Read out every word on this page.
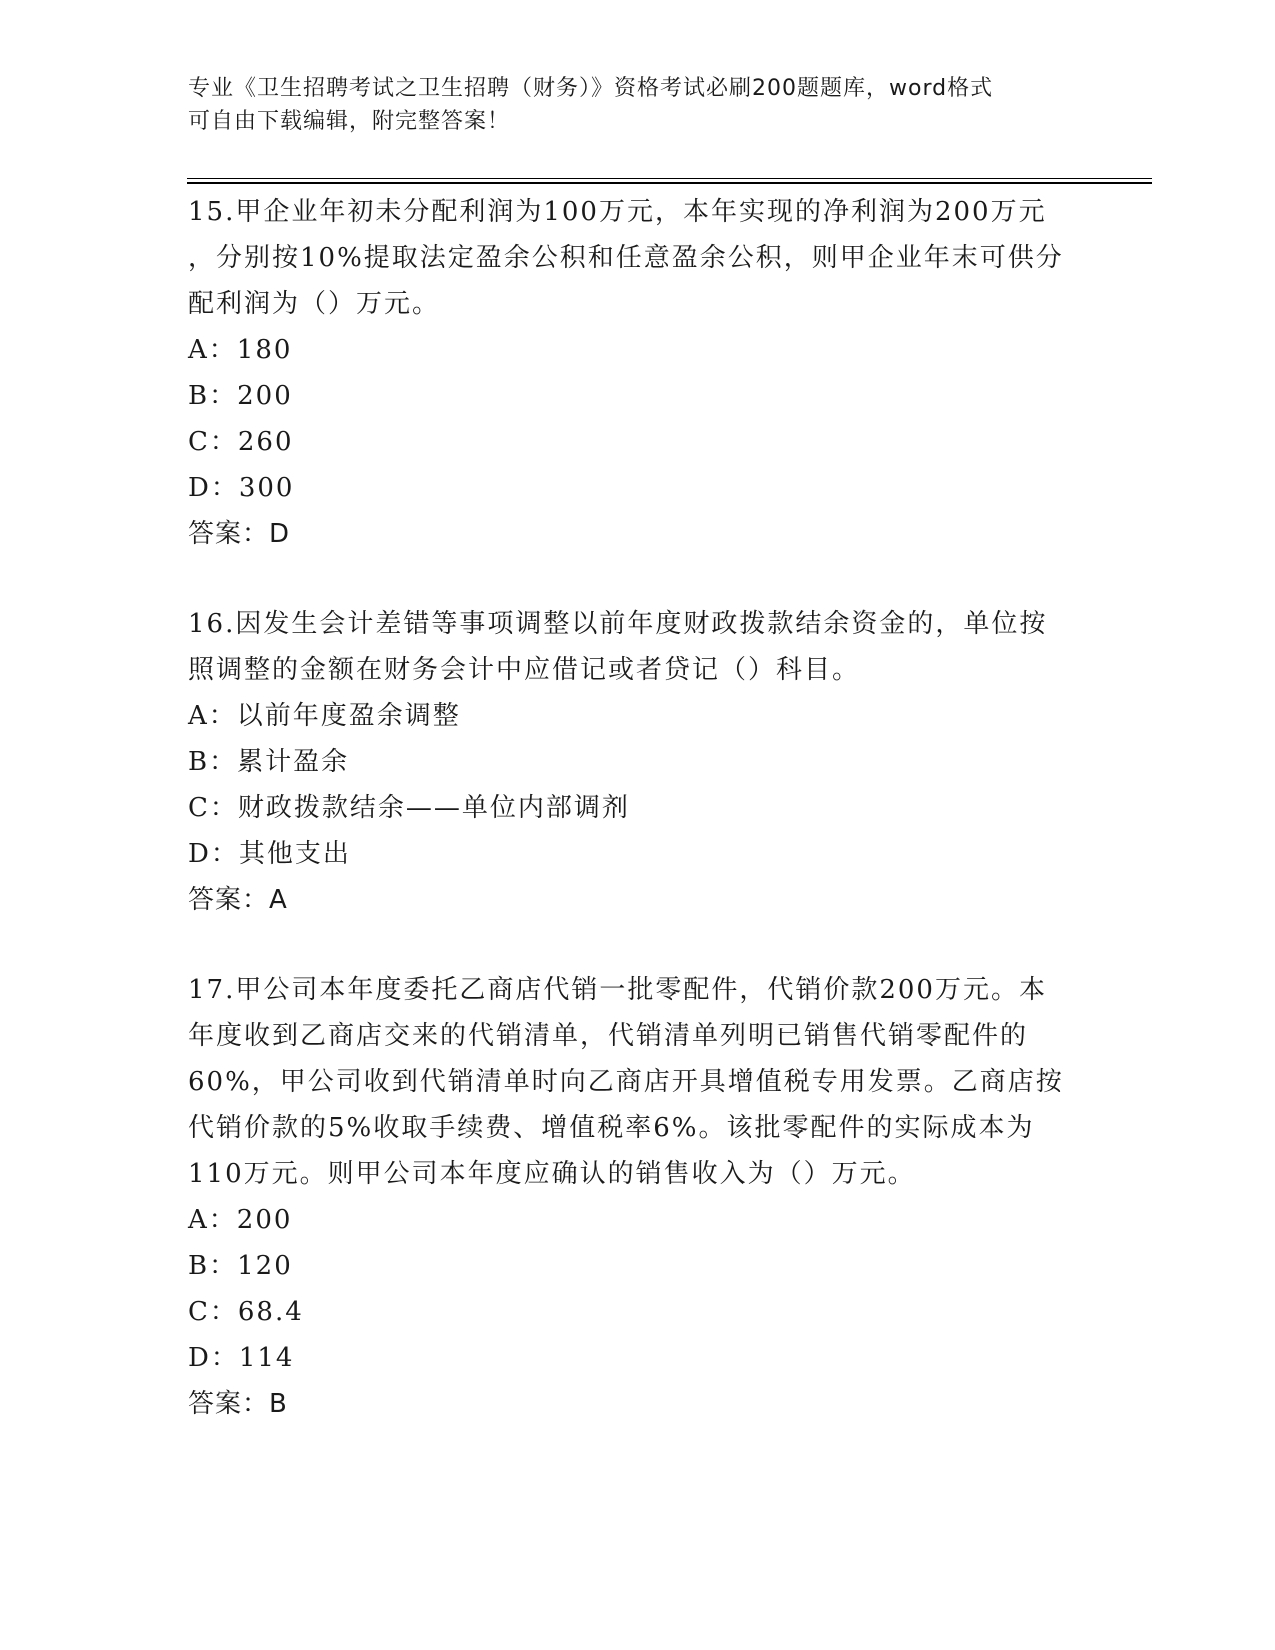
专业《卫生招聘考试之卫生招聘（财务）》资格考试必刷200题题库，word格式
可自由下载编辑，附完整答案！

15.甲企业年初未分配利润为100万元，本年实现的净利润为200万元

，分别按10%提取法定盈余公积和任意盈余公积，则甲企业年末可供分

配利润为（）万元。

A：180

B：200

C：260

D：300

答案：D

16.因发生会计差错等事项调整以前年度财政拨款结余资金的，单位按

照调整的金额在财务会计中应借记或者贷记（）科目。

A：以前年度盈余调整

B：累计盈余

C：财政拨款结余——单位内部调剂

D：其他支出

答案：A

17.甲公司本年度委托乙商店代销一批零配件，代销价款200万元。本

年度收到乙商店交来的代销清单，代销清单列明已销售代销零配件的

60%，甲公司收到代销清单时向乙商店开具增值税专用发票。乙商店按

代销价款的5%收取手续费、增值税率6%。该批零配件的实际成本为

110万元。则甲公司本年度应确认的销售收入为（）万元。

A：200

B：120

C：68.4

D：114

答案：B
